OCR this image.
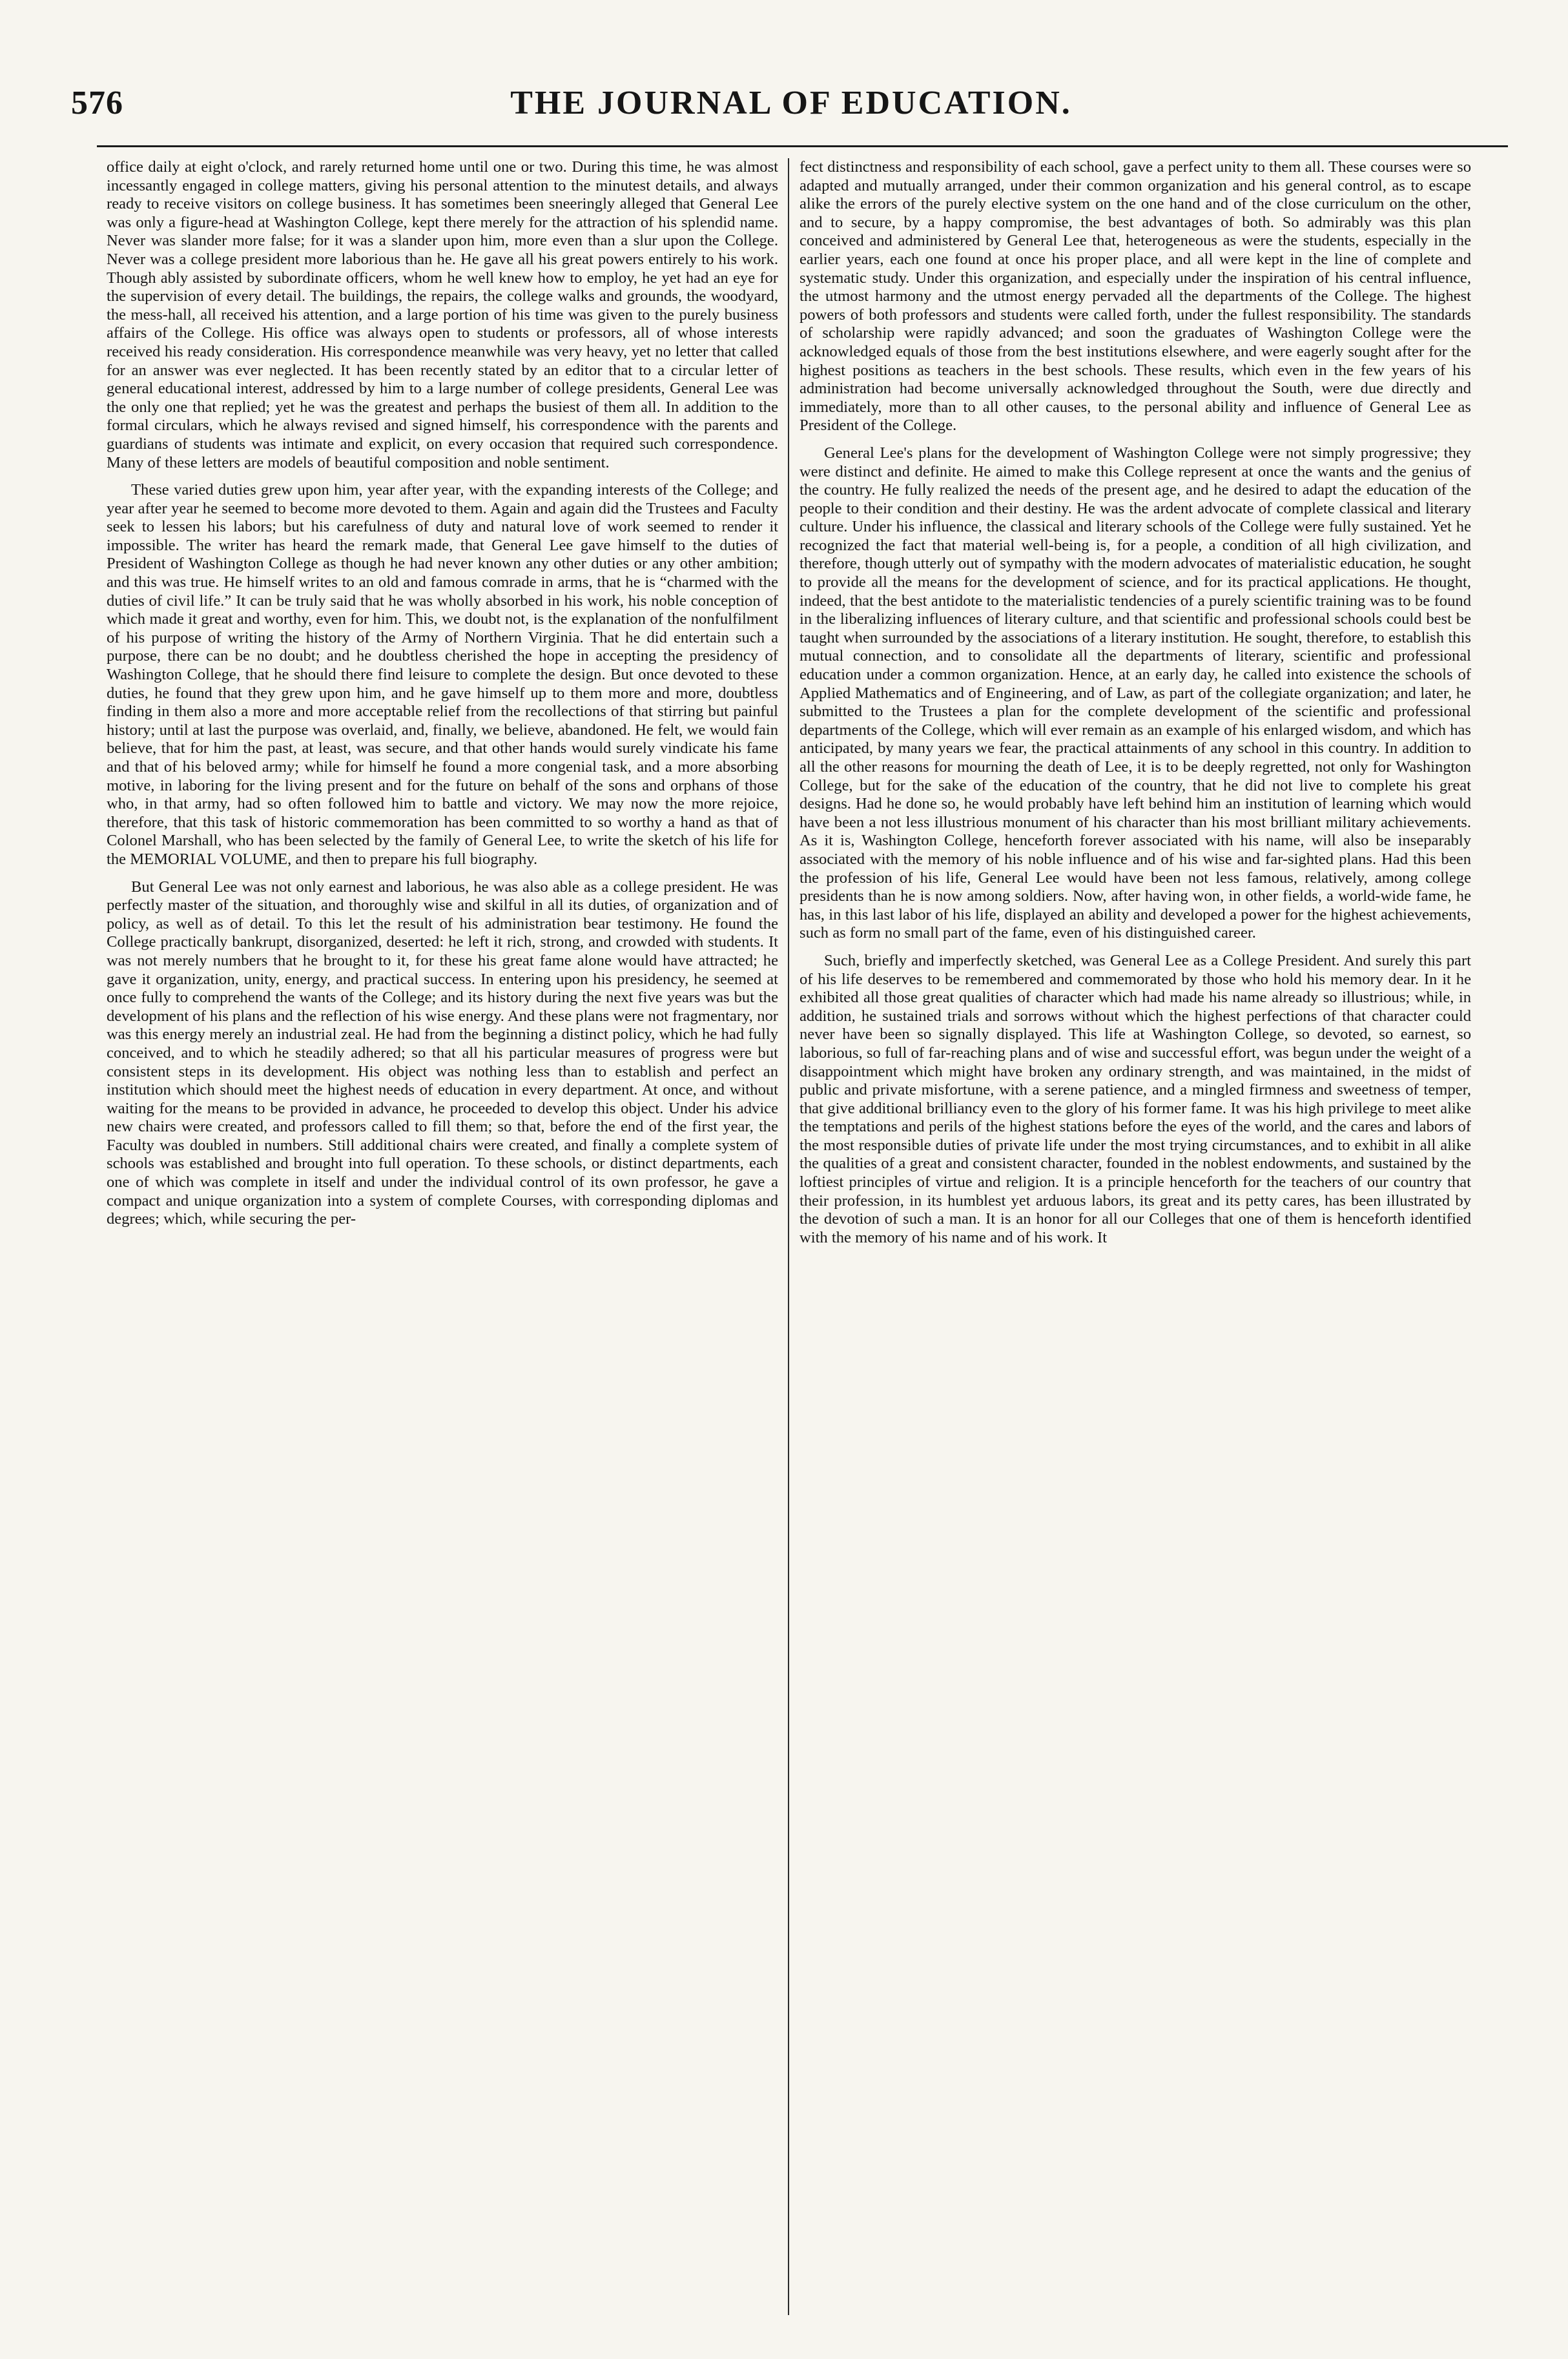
576	THE JOURNAL OF EDUCATION.

office daily at eight o'clock, and rarely returned home until one or two. During this time, he was almost incessantly engaged in college matters, giving his personal attention to the minutest details, and always ready to receive visitors on college business. It has sometimes been sneeringly alleged that General Lee was only a figure-head at Washington College, kept there merely for the attraction of his splendid name. Never was slander more false; for it was a slander upon him, more even than a slur upon the College. Never was a college president more laborious than he. He gave all his great powers entirely to his work. Though ably assisted by subordinate officers, whom he well knew how to employ, he yet had an eye for the supervision of every detail. The buildings, the repairs, the college walks and grounds, the woodyard, the mess-hall, all received his attention, and a large portion of his time was given to the purely business affairs of the College. His office was always open to students or professors, all of whose interests received his ready consideration. His correspondence meanwhile was very heavy, yet no letter that called for an answer was ever neglected. It has been recently stated by an editor that to a circular letter of general educational interest, addressed by him to a large number of college presidents, General Lee was the only one that replied; yet he was the greatest and perhaps the busiest of them all. In addition to the formal circulars, which he always revised and signed himself, his correspondence with the parents and guardians of students was intimate and explicit, on every occasion that required such correspondence. Many of these letters are models of beautiful composition and noble sentiment.

These varied duties grew upon him, year after year, with the expanding interests of the College; and year after year he seemed to become more devoted to them. Again and again did the Trustees and Faculty seek to lessen his labors; but his carefulness of duty and natural love of work seemed to render it impossible. The writer has heard the remark made, that General Lee gave himself to the duties of President of Washington College as though he had never known any other duties or any other ambition; and this was true. He himself writes to an old and famous comrade in arms, that he is “charmed with the duties of civil life.” It can be truly said that he was wholly absorbed in his work, his noble conception of which made it great and worthy, even for him. This, we doubt not, is the explanation of the nonfulfilment of his purpose of writing the history of the Army of Northern Virginia. That he did entertain such a purpose, there can be no doubt; and he doubtless cherished the hope in accepting the presidency of Washington College, that he should there find leisure to complete the design. But once devoted to these duties, he found that they grew upon him, and he gave himself up to them more and more, doubtless finding in them also a more and more acceptable relief from the recollections of that stirring but painful history; until at last the purpose was overlaid, and, finally, we believe, abandoned. He felt, we would fain believe, that for him the past, at least, was secure, and that other hands would surely vindicate his fame and that of his beloved army; while for himself he found a more congenial task, and a more absorbing motive, in laboring for the living present and for the future on behalf of the sons and orphans of those who, in that army, had so often followed him to battle and victory. We may now the more rejoice, therefore, that this task of historic commemoration has been committed to so worthy a hand as that of Colonel Marshall, who has been selected by the family of General Lee, to write the sketch of his life for the MEMORIAL VOLUME, and then to prepare his full biography.

But General Lee was not only earnest and laborious, he was also able as a college president. He was perfectly master of the situation, and thoroughly wise and skilful in all its duties, of organization and of policy, as well as of detail. To this let the result of his administration bear testimony. He found the College practically bankrupt, disorganized, deserted: he left it rich, strong, and crowded with students. It was not merely numbers that he brought to it, for these his great fame alone would have attracted; he gave it organization, unity, energy, and practical success. In entering upon his presidency, he seemed at once fully to comprehend the wants of the College; and its history during the next five years was but the development of his plans and the reflection of his wise energy. And these plans were not fragmentary, nor was this energy merely an industrial zeal. He had from the beginning a distinct policy, which he had fully conceived, and to which he steadily adhered; so that all his particular measures of progress were but consistent steps in its development. His object was nothing less than to establish and perfect an institution which should meet the highest needs of education in every department. At once, and without waiting for the means to be provided in advance, he proceeded to develop this object. Under his advice new chairs were created, and professors called to fill them; so that, before the end of the first year, the Faculty was doubled in numbers. Still additional chairs were created, and finally a complete system of schools was established and brought into full operation. To these schools, or distinct departments, each one of which was complete in itself and under the individual control of its own professor, he gave a compact and unique organization into a system of complete Courses, with corresponding diplomas and degrees; which, while securing the per-

fect distinctness and responsibility of each school, gave a perfect unity to them all. These courses were so adapted and mutually arranged, under their common organization and his general control, as to escape alike the errors of the purely elective system on the one hand and of the close curriculum on the other, and to secure, by a happy compromise, the best advantages of both. So admirably was this plan conceived and administered by General Lee that, heterogeneous as were the students, especially in the earlier years, each one found at once his proper place, and all were kept in the line of complete and systematic study. Under this organization, and especially under the inspiration of his central influence, the utmost harmony and the utmost energy pervaded all the departments of the College. The highest powers of both professors and students were called forth, under the fullest responsibility. The standards of scholarship were rapidly advanced; and soon the graduates of Washington College were the acknowledged equals of those from the best institutions elsewhere, and were eagerly sought after for the highest positions as teachers in the best schools. These results, which even in the few years of his administration had become universally acknowledged throughout the South, were due directly and immediately, more than to all other causes, to the personal ability and influence of General Lee as President of the College.

General Lee's plans for the development of Washington College were not simply progressive; they were distinct and definite. He aimed to make this College represent at once the wants and the genius of the country. He fully realized the needs of the present age, and he desired to adapt the education of the people to their condition and their destiny. He was the ardent advocate of complete classical and literary culture. Under his influence, the classical and literary schools of the College were fully sustained. Yet he recognized the fact that material well-being is, for a people, a condition of all high civilization, and therefore, though utterly out of sympathy with the modern advocates of materialistic education, he sought to provide all the means for the development of science, and for its practical applications. He thought, indeed, that the best antidote to the materialistic tendencies of a purely scientific training was to be found in the liberalizing influences of literary culture, and that scientific and professional schools could best be taught when surrounded by the associations of a literary institution. He sought, therefore, to establish this mutual connection, and to consolidate all the departments of literary, scientific and professional education under a common organization. Hence, at an early day, he called into existence the schools of Applied Mathematics and of Engineering, and of Law, as part of the collegiate organization; and later, he submitted to the Trustees a plan for the complete development of the scientific and professional departments of the College, which will ever remain as an example of his enlarged wisdom, and which has anticipated, by many years we fear, the practical attainments of any school in this country. In addition to all the other reasons for mourning the death of Lee, it is to be deeply regretted, not only for Washington College, but for the sake of the education of the country, that he did not live to complete his great designs. Had he done so, he would probably have left behind him an institution of learning which would have been a not less illustrious monument of his character than his most brilliant military achievements. As it is, Washington College, henceforth forever associated with his name, will also be inseparably associated with the memory of his noble influence and of his wise and far-sighted plans. Had this been the profession of his life, General Lee would have been not less famous, relatively, among college presidents than he is now among soldiers. Now, after having won, in other fields, a world-wide fame, he has, in this last labor of his life, displayed an ability and developed a power for the highest achievements, such as form no small part of the fame, even of his distinguished career.

Such, briefly and imperfectly sketched, was General Lee as a College President. And surely this part of his life deserves to be remembered and commemorated by those who hold his memory dear. In it he exhibited all those great qualities of character which had made his name already so illustrious; while, in addition, he sustained trials and sorrows without which the highest perfections of that character could never have been so signally displayed. This life at Washington College, so devoted, so earnest, so laborious, so full of far-reaching plans and of wise and successful effort, was begun under the weight of a disappointment which might have broken any ordinary strength, and was maintained, in the midst of public and private misfortune, with a serene patience, and a mingled firmness and sweetness of temper, that give additional brilliancy even to the glory of his former fame. It was his high privilege to meet alike the temptations and perils of the highest stations before the eyes of the world, and the cares and labors of the most responsible duties of private life under the most trying circumstances, and to exhibit in all alike the qualities of a great and consistent character, founded in the noblest endowments, and sustained by the loftiest principles of virtue and religion. It is a principle henceforth for the teachers of our country that their profession, in its humblest yet arduous labors, its great and its petty cares, has been illustrated by the devotion of such a man. It is an honor for all our Colleges that one of them is henceforth identified with the memory of his name and of his work. It
